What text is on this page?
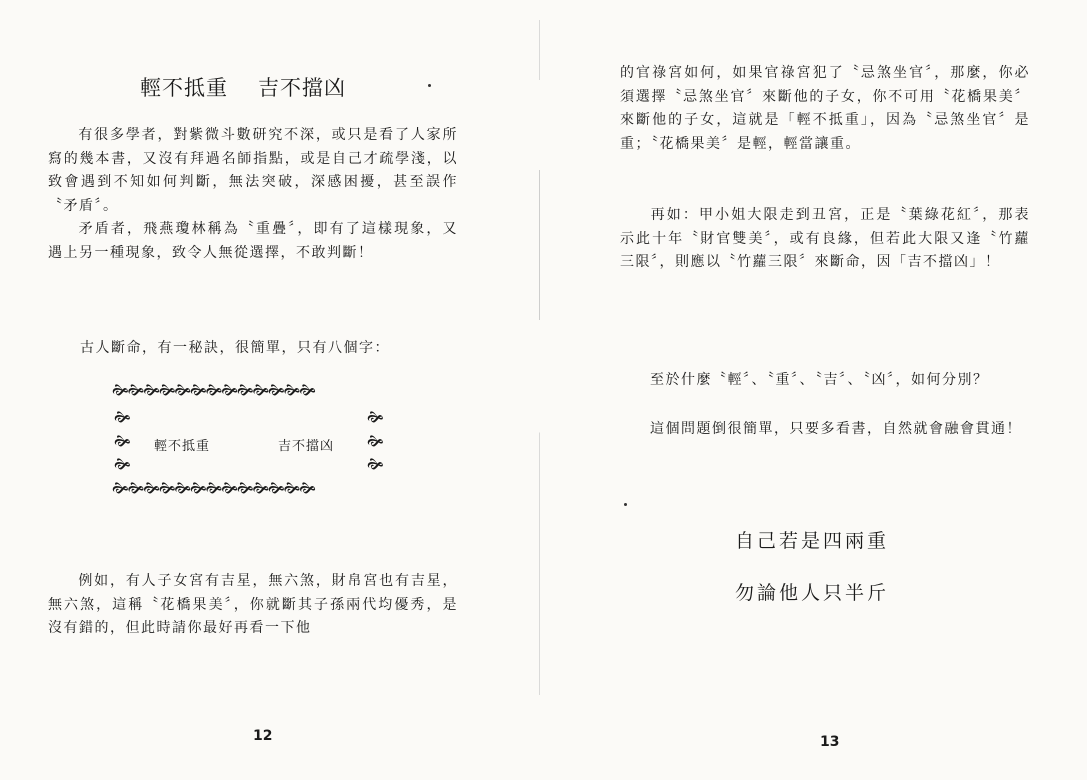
輕不抵重 吉不擋凶
有很多學者，對紫微斗數研究不深，或只是看了人家所寫的幾本書，又沒有拜過名師指點，或是自己才疏學淺，以致會遇到不知如何判斷，無法突破，深感困擾，甚至誤作〝矛盾〞。
矛盾者，飛燕瓊林稱為〝重疊〞，即有了這樣現象，又遇上另一種現象，致令人無從選擇，不敢判斷！
古人斷命，有一秘訣，很簡單，只有八個字：
🙞🙞🙞🙞🙞🙞🙞🙞🙞🙞🙞🙞🙞
🙞
🙞
🙞
🙞
🙞
🙞
輕不抵重	吉不擋凶
🙞🙞🙞🙞🙞🙞🙞🙞🙞🙞🙞🙞🙞
例如，有人子女宮有吉星，無六煞，財帛宮也有吉星，無六煞，這稱〝花橋果美〞，你就斷其子孫兩代均優秀，是沒有錯的，但此時請你最好再看一下他
12
的官祿宮如何，如果官祿宮犯了〝忌煞坐官〞，那麼，你必須選擇〝忌煞坐官〞來斷他的子女，你不可用〝花橋果美〞來斷他的子女，這就是「輕不抵重」，因為〝忌煞坐官〞是重；〝花橋果美〞是輕，輕當讓重。
再如：甲小姐大限走到丑宮，正是〝葉綠花紅〞，那表示此十年〝財官雙美〞，或有良緣，但若此大限又逢〝竹蘿三限〞，則應以〝竹蘿三限〞來斷命，因「吉不擋凶」！
至於什麼〝輕〞、〝重〞、〝吉〞、〝凶〞，如何分別？
這個問題倒很簡單，只要多看書，自然就會融會貫通！
自己若是四兩重
勿論他人只半斤
13
